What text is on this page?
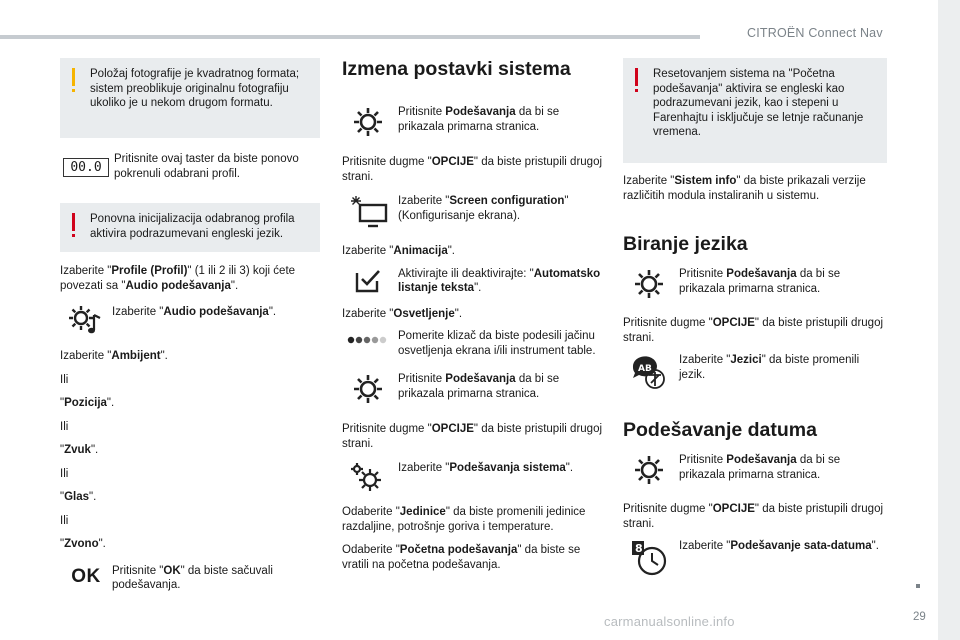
CITROËN Connect Nav
Položaj fotografije je kvadratnog formata; sistem preoblikuje originalnu fotografiju ukoliko je u nekom drugom formatu.
00.0

Pritisnite ovaj taster da biste ponovo pokrenuli odabrani profil.

Ponovna inicijalizacija odabranog profila aktivira podrazumevani engleski jezik.

Izaberite "Profile (Profil)" (1 ili 2 ili 3) koji ćete povezati sa "Audio podešavanja".

Izaberite "Audio podešavanja".

Izaberite "Ambijent".

Ili

"Pozicija".

Ili

"Zvuk".

Ili

"Glas".

Ili

"Zvono".

OK Pritisnite "OK" da biste sačuvali podešavanja.

Izmena postavki sistema

Pritisnite Podešavanja da bi se prikazala primarna stranica.

Pritisnite dugme "OPCIJE" da biste pristupili drugoj strani.

Izaberite "Screen configuration" (Konfigurisanje ekrana).

Izaberite "Animacija".

Aktivirajte ili deaktivirajte: "Automatsko listanje teksta".

Izaberite "Osvetljenje".

Pomerite klizač da biste podesili jačinu osvetljenja ekrana i/ili instrument table.

Pritisnite Podešavanja da bi se prikazala primarna stranica.

Pritisnite dugme "OPCIJE" da biste pristupili drugoj strani.

Izaberite "Podešavanja sistema".

Odaberite "Jedinice" da biste promenili jedinice razdaljine, potrošnje goriva i temperature.

Odaberite "Početna podešavanja" da biste se vratili na početna podešavanja.

Resetovanjem sistema na "Početna podešavanja" aktivira se engleski kao podrazumevani jezik, kao i stepeni u Farenhajtu i isključuje se letnje računanje vremena.

Izaberite "Sistem info" da biste prikazali verzije različitih modula instaliranih u sistemu.

Biranje jezika

Pritisnite Podešavanja da bi se prikazala primarna stranica.

Pritisnite dugme "OPCIJE" da biste pristupili drugoj strani.

AB

Izaberite "Jezici" da biste promenili jezik.

Podešavanje datuma

Pritisnite Podešavanja da bi se prikazala primarna stranica.

Pritisnite dugme "OPCIJE" da biste pristupili drugoj strani.

8	Izaberite "Podešavanje sata-datuma".

29
carmanualsonline.info
